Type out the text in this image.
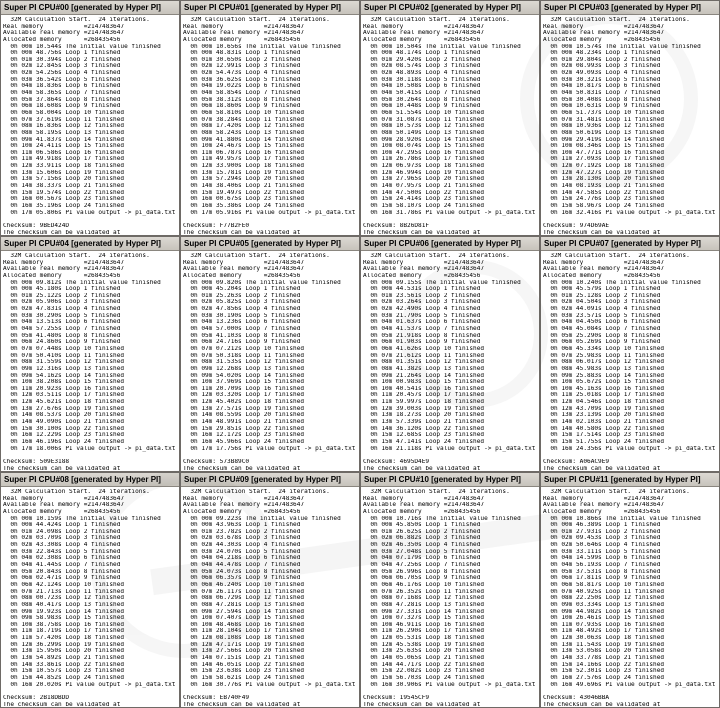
Super PI CPU#00 [generated by Hyper PI]
32M Calculation Start.  24 iterations.
Real memory           =2147483647
Available real memory =2147483647
Allocated memory      =268435456
0h 00m 10.544s The initial value finished
0h 00m 48.756s Loop 1 finished
0h 01m 30.394s Loop 2 finished
0h 02m 12.845s Loop 3 finished
0h 02m 54.256s Loop 4 finished
0h 03m 36.542s Loop 5 finished
0h 04m 18.836s Loop 6 finished
0h 04m 58.365s Loop 7 finished
0h 05m 37.864s Loop 8 finished
0h 06m 18.608s Loop 9 finished
0h 06m 58.004s Loop 10 finished
0h 07m 37.619s Loop 11 finished
0h 08m 16.836s Loop 12 finished
0h 08m 58.195s Loop 13 finished
0h 09m 41.837s Loop 14 finished
0h 10m 24.411s Loop 15 finished
0h 11m 06.586s Loop 16 finished
0h 11m 49.918s Loop 17 finished
0h 12m 33.911s Loop 18 finished
0h 13m 15.606s Loop 19 finished
0h 13m 57.156s Loop 20 finished
0h 14m 38.337s Loop 21 finished
0h 15m 19.574s Loop 22 finished
0h 16m 00.567s Loop 23 finished
0h 16m 35.196s Loop 24 finished
0h 17m 05.806s PI value output -> pi_data.txt

Checksum: 9BED424D
The checksum can be validated at
Super PI CPU#01 [generated by Hyper PI]
32M Calculation Start.  24 iterations.
Real memory           =2147483647
Available real memory =2147483647
Allocated memory      =268435456
0h 00m 10.656s The initial value finished
0h 00m 48.831s Loop 1 finished
0h 01m 30.650s Loop 2 finished
0h 02m 12.991s Loop 3 finished
0h 02m 54.473s Loop 4 finished
0h 03m 36.625s Loop 5 finished
0h 04m 19.022s Loop 6 finished
0h 04m 58.854s Loop 7 finished
0h 05m 38.312s Loop 8 finished
0h 06m 18.860s Loop 9 finished
0h 06m 58.810s Loop 10 finished
0h 07m 38.284s Loop 11 finished
0h 08m 17.420s Loop 12 finished
0h 08m 58.243s Loop 13 finished
0h 09m 41.880s Loop 14 finished
0h 10m 24.467s Loop 15 finished
0h 11m 06.787s Loop 16 finished
0h 11m 49.957s Loop 17 finished
0h 12m 33.900s Loop 18 finished
0h 13m 15.781s Loop 19 finished
0h 13m 57.294s Loop 20 finished
0h 14m 38.406s Loop 21 finished
0h 15m 19.497s Loop 22 finished
0h 16m 00.675s Loop 23 finished
0h 16m 35.386s Loop 24 finished
0h 17m 05.916s PI value output -> pi_data.txt

Checksum: F77B2FE0
The checksum can be validated at
Super PI CPU#02 [generated by Hyper PI]
32M Calculation Start.  24 iterations.
Real memory           =2147483647
Available real memory =2147483647
Allocated memory      =268435456
0h 00m 10.504s The initial value finished
0h 00m 48.174s Loop 1 finished
0h 01m 29.420s Loop 2 finished
0h 02m 08.574s Loop 3 finished
0h 02m 48.893s Loop 4 finished
0h 03m 30.118s Loop 5 finished
0h 04m 10.508s Loop 6 finished
0h 04m 50.415s Loop 7 finished
0h 05m 30.264s Loop 8 finished
0h 06m 10.448s Loop 9 finished
0h 06m 51.554s Loop 10 finished
0h 07m 31.087s Loop 11 finished
0h 08m 10.573s Loop 12 finished
0h 08m 50.149s Loop 13 finished
0h 09m 28.920s Loop 14 finished
0h 10m 08.074s Loop 15 finished
0h 10m 47.295s Loop 16 finished
0h 11m 26.786s Loop 17 finished
0h 12m 06.973s Loop 18 finished
0h 12m 46.994s Loop 19 finished
0h 13m 27.965s Loop 20 finished
0h 14m 07.957s Loop 21 finished
0h 14m 47.500s Loop 22 finished
0h 15m 24.414s Loop 23 finished
0h 15m 58.107s Loop 24 finished
0h 16m 31.786s PI value output -> pi_data.txt

Checksum: 8B26D81F
The checksum can be validated at
Super PI CPU#03 [generated by Hyper PI]
32M Calculation Start.  24 iterations.
Real memory           =2147483647
Available real memory =2147483647
Allocated memory      =268435456
0h 00m 10.574s The initial value finished
0h 00m 48.234s Loop 1 finished
0h 01m 29.804s Loop 2 finished
0h 02m 08.993s Loop 3 finished
0h 02m 49.093s Loop 4 finished
0h 03m 30.321s Loop 5 finished
0h 04m 10.817s Loop 6 finished
0h 04m 50.831s Loop 7 finished
0h 05m 30.408s Loop 8 finished
0h 06m 10.631s Loop 9 finished
0h 06m 51.737s Loop 10 finished
0h 07m 31.481s Loop 11 finished
0h 08m 10.936s Loop 12 finished
0h 08m 50.619s Loop 13 finished
0h 09m 29.419s Loop 14 finished
0h 10m 08.346s Loop 15 finished
0h 10m 47.771s Loop 16 finished
0h 11m 27.093s Loop 17 finished
0h 12m 07.192s Loop 18 finished
0h 12m 47.227s Loop 19 finished
0h 13m 28.130s Loop 20 finished
0h 14m 08.193s Loop 21 finished
0h 14m 47.585s Loop 22 finished
0h 15m 24.776s Loop 23 finished
0h 15m 58.967s Loop 24 finished
0h 16m 32.416s PI value output -> pi_data.txt

Checksum: 974D69AE
The checksum can be validated at
Super PI CPU#04 [generated by Hyper PI]
32M Calculation Start.  24 iterations.
Real memory           =2147483647
Available real memory =2147483647
Allocated memory      =268435456
0h 00m 09.812s The initial value finished
0h 00m 45.180s Loop 1 finished
0h 01m 25.122s Loop 2 finished
0h 02m 05.906s Loop 3 finished
0h 02m 47.831s Loop 4 finished
0h 03m 30.290s Loop 5 finished
0h 04m 13.513s Loop 6 finished
0h 04m 57.255s Loop 7 finished
0h 05m 41.480s Loop 8 finished
0h 06m 24.860s Loop 9 finished
0h 07m 07.448s Loop 10 finished
0h 07m 50.410s Loop 11 finished
0h 08m 31.559s Loop 12 finished
0h 09m 12.316s Loop 13 finished
0h 09m 54.162s Loop 14 finished
0h 10m 38.208s Loop 15 finished
0h 11m 20.923s Loop 16 finished
0h 12m 03.511s Loop 17 finished
0h 12m 45.621s Loop 18 finished
0h 13m 27.676s Loop 19 finished
0h 14m 08.537s Loop 20 finished
0h 14m 49.090s Loop 21 finished
0h 15m 30.100s Loop 22 finished
0h 16m 12.229s Loop 23 finished
0h 16m 46.196s Loop 24 finished
0h 17m 18.006s PI value output -> pi_data.txt

Checksum: 509E3188
The checksum can be validated at
Super PI CPU#05 [generated by Hyper PI]
32M Calculation Start.  24 iterations.
Real memory           =2147483647
Available real memory =2147483647
Allocated memory      =268435456
0h 00m 09.820s The initial value finished
0h 00m 45.204s Loop 1 finished
0h 01m 25.263s Loop 2 finished
0h 02m 05.825s Loop 3 finished
0h 02m 47.856s Loop 4 finished
0h 03m 30.190s Loop 5 finished
0h 04m 13.236s Loop 6 finished
0h 04m 57.000s Loop 7 finished
0h 05m 41.103s Loop 8 finished
0h 06m 24.716s Loop 9 finished
0h 07m 07.212s Loop 10 finished
0h 07m 50.318s Loop 11 finished
0h 08m 31.535s Loop 12 finished
0h 09m 12.268s Loop 13 finished
0h 09m 54.020s Loop 14 finished
0h 10m 37.969s Loop 15 finished
0h 11m 20.709s Loop 16 finished
0h 12m 03.320s Loop 17 finished
0h 12m 45.402s Loop 18 finished
0h 13m 27.571s Loop 19 finished
0h 14m 08.559s Loop 20 finished
0h 14m 48.991s Loop 21 finished
0h 15m 29.851s Loop 22 finished
0h 16m 12.172s Loop 23 finished
0h 16m 45.966s Loop 24 finished
0h 17m 17.756s PI value output -> pi_data.txt

Checksum: 573B89C0
The checksum can be validated at
Super PI CPU#06 [generated by Hyper PI]
32M Calculation Start.  24 iterations.
Real memory           =2147483647
Available real memory =2147483647
Allocated memory      =268435456
0h 00m 09.155s The initial value finished
0h 00m 44.531s Loop 1 finished
0h 01m 23.561s Loop 2 finished
0h 02m 03.264s Loop 3 finished
0h 02m 42.490s Loop 4 finished
0h 03m 21.790s Loop 5 finished
0h 04m 01.637s Loop 6 finished
0h 04m 41.537s Loop 7 finished
0h 05m 21.918s Loop 8 finished
0h 06m 01.903s Loop 9 finished
0h 06m 41.626s Loop 10 finished
0h 07m 21.612s Loop 11 finished
0h 08m 01.351s Loop 12 finished
0h 08m 41.382s Loop 13 finished
0h 09m 21.264s Loop 14 finished
0h 10m 00.983s Loop 15 finished
0h 10m 40.541s Loop 16 finished
0h 11m 20.457s Loop 17 finished
0h 11m 59.997s Loop 18 finished
0h 12m 39.003s Loop 19 finished
0h 13m 18.273s Loop 20 finished
0h 13m 57.339s Loop 21 finished
0h 14m 36.120s Loop 22 finished
0h 15m 12.685s Loop 23 finished
0h 15m 47.141s Loop 24 finished
0h 16m 21.118s PI value output -> pi_data.txt

Checksum: 4695D4E9
The checksum can be validated at
Super PI CPU#07 [generated by Hyper PI]
32M Calculation Start.  24 iterations.
Real memory           =2147483647
Available real memory =2147483647
Allocated memory      =268435456
0h 00m 10.240s The initial value finished
0h 00m 45.579s Loop 1 finished
0h 01m 25.128s Loop 2 finished
0h 02m 04.504s Loop 3 finished
0h 02m 44.091s Loop 4 finished
0h 03m 23.571s Loop 5 finished
0h 04m 04.450s Loop 6 finished
0h 04m 45.084s Loop 7 finished
0h 05m 25.290s Loop 8 finished
0h 06m 05.269s Loop 9 finished
0h 06m 45.334s Loop 10 finished
0h 07m 25.983s Loop 11 finished
0h 08m 06.017s Loop 12 finished
0h 08m 45.983s Loop 13 finished
0h 09m 25.883s Loop 14 finished
0h 10m 05.672s Loop 15 finished
0h 10m 45.163s Loop 16 finished
0h 11m 25.018s Loop 17 finished
0h 12m 04.546s Loop 18 finished
0h 12m 43.709s Loop 19 finished
0h 13m 23.139s Loop 20 finished
0h 14m 02.103s Loop 21 finished
0h 14m 40.580s Loop 22 finished
0h 15m 17.514s Loop 23 finished
0h 15m 51.755s Loop 24 finished
0h 16m 24.356s PI value output -> pi_data.txt

Checksum: A06AC9E9
The checksum can be validated at
Super PI CPU#08 [generated by Hyper PI]
32M Calculation Start.  24 iterations.
Real memory           =2147483647
Available real memory =2147483647
Allocated memory      =268435456
0h 00m 10.159s The initial value finished
0h 00m 44.424s Loop 1 finished
0h 01m 24.098s Loop 2 finished
0h 02m 03.709s Loop 3 finished
0h 02m 43.308s Loop 4 finished
0h 03m 22.843s Loop 5 finished
0h 04m 02.308s Loop 6 finished
0h 04m 41.445s Loop 7 finished
0h 05m 20.843s Loop 8 finished
0h 06m 02.471s Loop 9 finished
0h 06m 42.124s Loop 10 finished
0h 07m 21.713s Loop 11 finished
0h 08m 00.723s Loop 12 finished
0h 08m 40.417s Loop 13 finished
0h 09m 19.923s Loop 14 finished
0h 09m 58.983s Loop 15 finished
0h 10m 38.758s Loop 16 finished
0h 11m 18.719s Loop 17 finished
0h 11m 57.420s Loop 18 finished
0h 12m 36.299s Loop 19 finished
0h 13m 15.950s Loop 20 finished
0h 13m 54.892s Loop 21 finished
0h 14m 33.861s Loop 22 finished
0h 15m 10.557s Loop 23 finished
0h 15m 44.852s Loop 24 finished
0h 16m 20.020s PI value output -> pi_data.txt

Checksum: 2B18DBDD
The checksum can be validated at
Super PI CPU#09 [generated by Hyper PI]
32M Calculation Start.  24 iterations.
Real memory           =2147483647
Available real memory =2147483647
Allocated memory      =268435456
0h 00m 09.223s The initial value finished
0h 00m 43.963s Loop 1 finished
0h 01m 23.782s Loop 2 finished
0h 02m 03.678s Loop 3 finished
0h 02m 44.303s Loop 4 finished
0h 03m 24.070s Loop 5 finished
0h 04m 04.218s Loop 6 finished
0h 04m 44.478s Loop 7 finished
0h 05m 24.073s Loop 8 finished
0h 06m 06.357s Loop 9 finished
0h 06m 46.240s Loop 10 finished
0h 07m 26.117s Loop 11 finished
0h 08m 06.729s Loop 12 finished
0h 08m 47.281s Loop 13 finished
0h 09m 27.594s Loop 14 finished
0h 10m 07.407s Loop 15 finished
0h 10m 48.468s Loop 16 finished
0h 11m 28.104s Loop 17 finished
0h 12m 08.108s Loop 18 finished
0h 12m 47.171s Loop 19 finished
0h 13m 27.566s Loop 20 finished
0h 14m 07.151s Loop 21 finished
0h 14m 46.051s Loop 22 finished
0h 15m 23.638s Loop 23 finished
0h 15m 58.621s Loop 24 finished
0h 16m 30.776s PI value output -> pi_data.txt

Checksum: EB740F49
The checksum can be validated at
Super PI CPU#10 [generated by Hyper PI]
32M Calculation Start.  24 iterations.
Real memory           =2147483647
Available real memory =2147483647
Allocated memory      =268435456
0h 00m 10.716s The initial value finished
0h 00m 45.850s Loop 1 finished
0h 01m 26.625s Loop 2 finished
0h 02m 06.882s Loop 3 finished
0h 02m 46.350s Loop 4 finished
0h 03m 27.048s Loop 5 finished
0h 04m 07.179s Loop 6 finished
0h 04m 47.256s Loop 7 finished
0h 05m 26.996s Loop 8 finished
0h 06m 06.705s Loop 9 finished
0h 06m 46.176s Loop 10 finished
0h 07m 26.352s Loop 11 finished
0h 08m 07.168s Loop 12 finished
0h 08m 47.281s Loop 13 finished
0h 09m 27.331s Loop 14 finished
0h 10m 07.327s Loop 15 finished
0h 10m 46.911s Loop 16 finished
0h 11m 26.290s Loop 17 finished
0h 12m 05.531s Loop 18 finished
0h 12m 45.538s Loop 19 finished
0h 13m 25.635s Loop 20 finished
0h 14m 05.065s Loop 21 finished
0h 14m 44.717s Loop 22 finished
0h 15m 22.082s Loop 23 finished
0h 15m 56.703s Loop 24 finished
0h 16m 30.906s PI value output -> pi_data.txt

Checksum: 19545CF9
The checksum can be validated at
Super PI CPU#11 [generated by Hyper PI]
32M Calculation Start.  24 iterations.
Real memory           =2147483647
Available real memory =2147483647
Allocated memory      =268435456
0h 00m 10.866s The initial value finished
0h 00m 46.389s Loop 1 finished
0h 01m 27.931s Loop 2 finished
0h 02m 09.453s Loop 3 finished
0h 02m 50.646s Loop 4 finished
0h 03m 33.111s Loop 5 finished
0h 04m 14.599s Loop 6 finished
0h 04m 56.193s Loop 7 finished
0h 05m 37.531s Loop 8 finished
0h 06m 17.811s Loop 9 finished
0h 06m 58.817s Loop 10 finished
0h 07m 40.925s Loop 11 finished
0h 08m 22.250s Loop 12 finished
0h 09m 03.334s Loop 13 finished
0h 09m 44.982s Loop 14 finished
0h 10m 26.461s Loop 15 finished
0h 11m 07.935s Loop 16 finished
0h 11m 48.492s Loop 17 finished
0h 12m 30.063s Loop 18 finished
0h 13m 11.543s Loop 19 finished
0h 13m 53.058s Loop 20 finished
0h 14m 33.778s Loop 21 finished
0h 15m 14.166s Loop 22 finished
0h 15m 52.301s Loop 23 finished
0h 16m 27.576s Loop 24 finished
0h 16m 49.696s PI value output -> pi_data.txt

Checksum: 43046BBA
The checksum can be validated at
